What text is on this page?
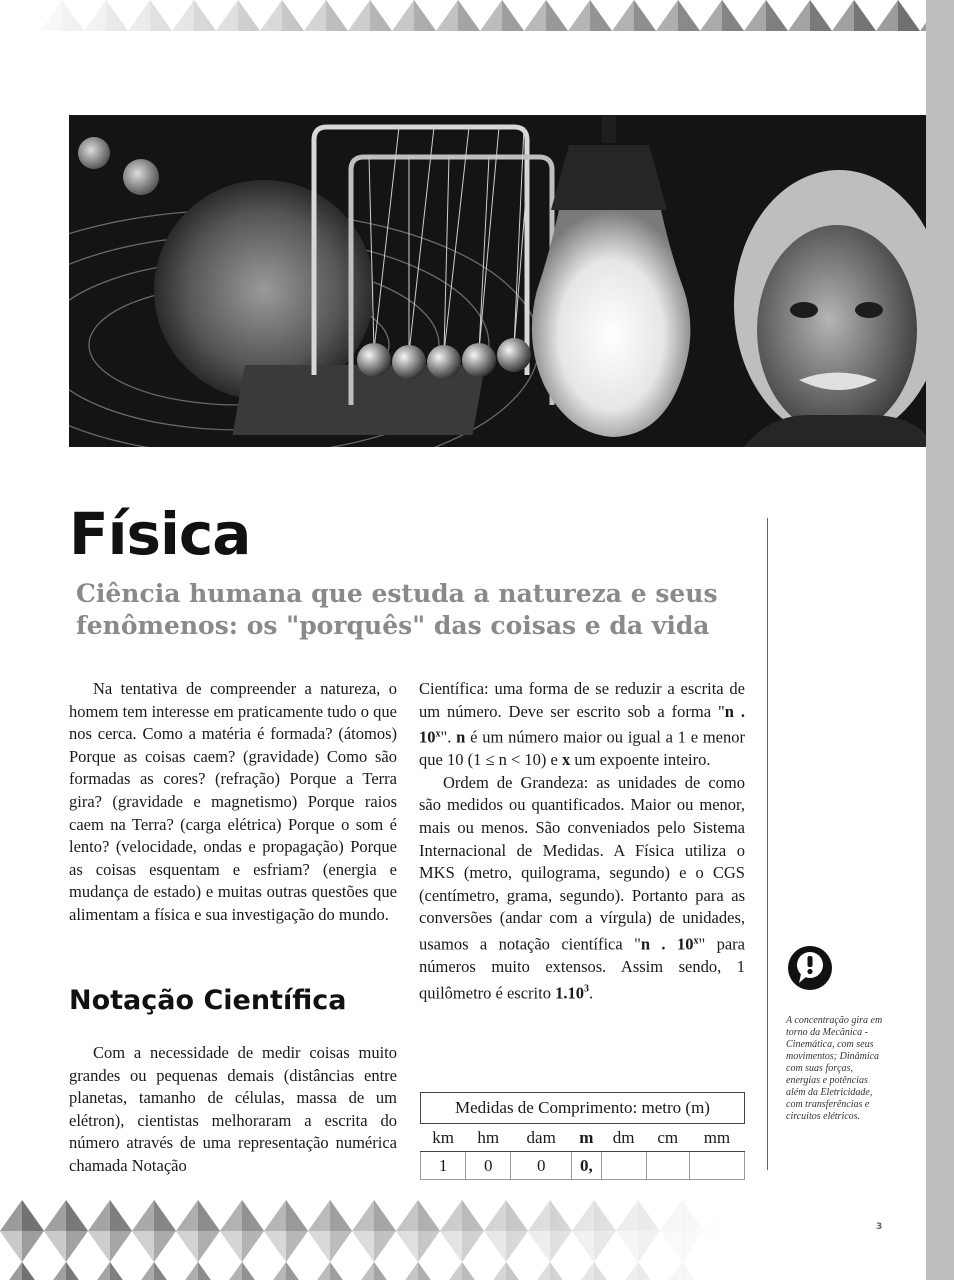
Física
Ciência humana que estuda a natureza e seus fenômenos: os "porquês" das coisas e da vida

Na tentativa de compreender a natureza, o homem tem interesse em praticamente tudo o que nos cerca. Como a matéria é formada? (átomos) Porque as coisas caem? (gravidade) Como são formadas as cores? (refração) Porque a Terra gira? (gravidade e magnetismo) Porque raios caem na Terra? (carga elétrica) Porque o som é lento? (velocidade, ondas e propagação) Porque as coisas esquentam e esfriam? (energia e mudança de estado) e muitas outras questões que alimentam a física e sua investigação do mundo.

Notação Científica

Com a necessidade de medir coisas muito grandes ou pequenas demais (distâncias entre planetas, tamanho de células, massa de um elétron), cientistas melhoraram a escrita do número através de uma representação numérica chamada Notação

Científica: uma forma de se reduzir a escrita de um número. Deve ser escrito sob a forma "n . 10$^x$". n é um número maior ou igual a 1 e menor que 10 (1 ≤ n < 10) e x um expoente inteiro.

Ordem de Grandeza: as unidades de como são medidos ou quantificados. Maior ou menor, mais ou menos. São conveniados pelo Sistema Internacional de Medidas. A Física utiliza o MKS (metro, quilograma, segundo) e o CGS (centímetro, grama, segundo). Portanto para as conversões (andar com a vírgula) de unidades, usamos a notação científica "n . 10$^x$" para números muito extensos. Assim sendo, 1 quilômetro é escrito 1.10$^3$.

Medidas de Comprimento: metro (m)						
km	hm	dam	m	dm	cm	mm
1	0	0	0,			
A concentração gira em torno da Mecânica - Cinemática, com seus movimentos; Dinâmica com suas forças, energias e potências além da Eletricidade, com transferências e circuitos elétricos.
3
